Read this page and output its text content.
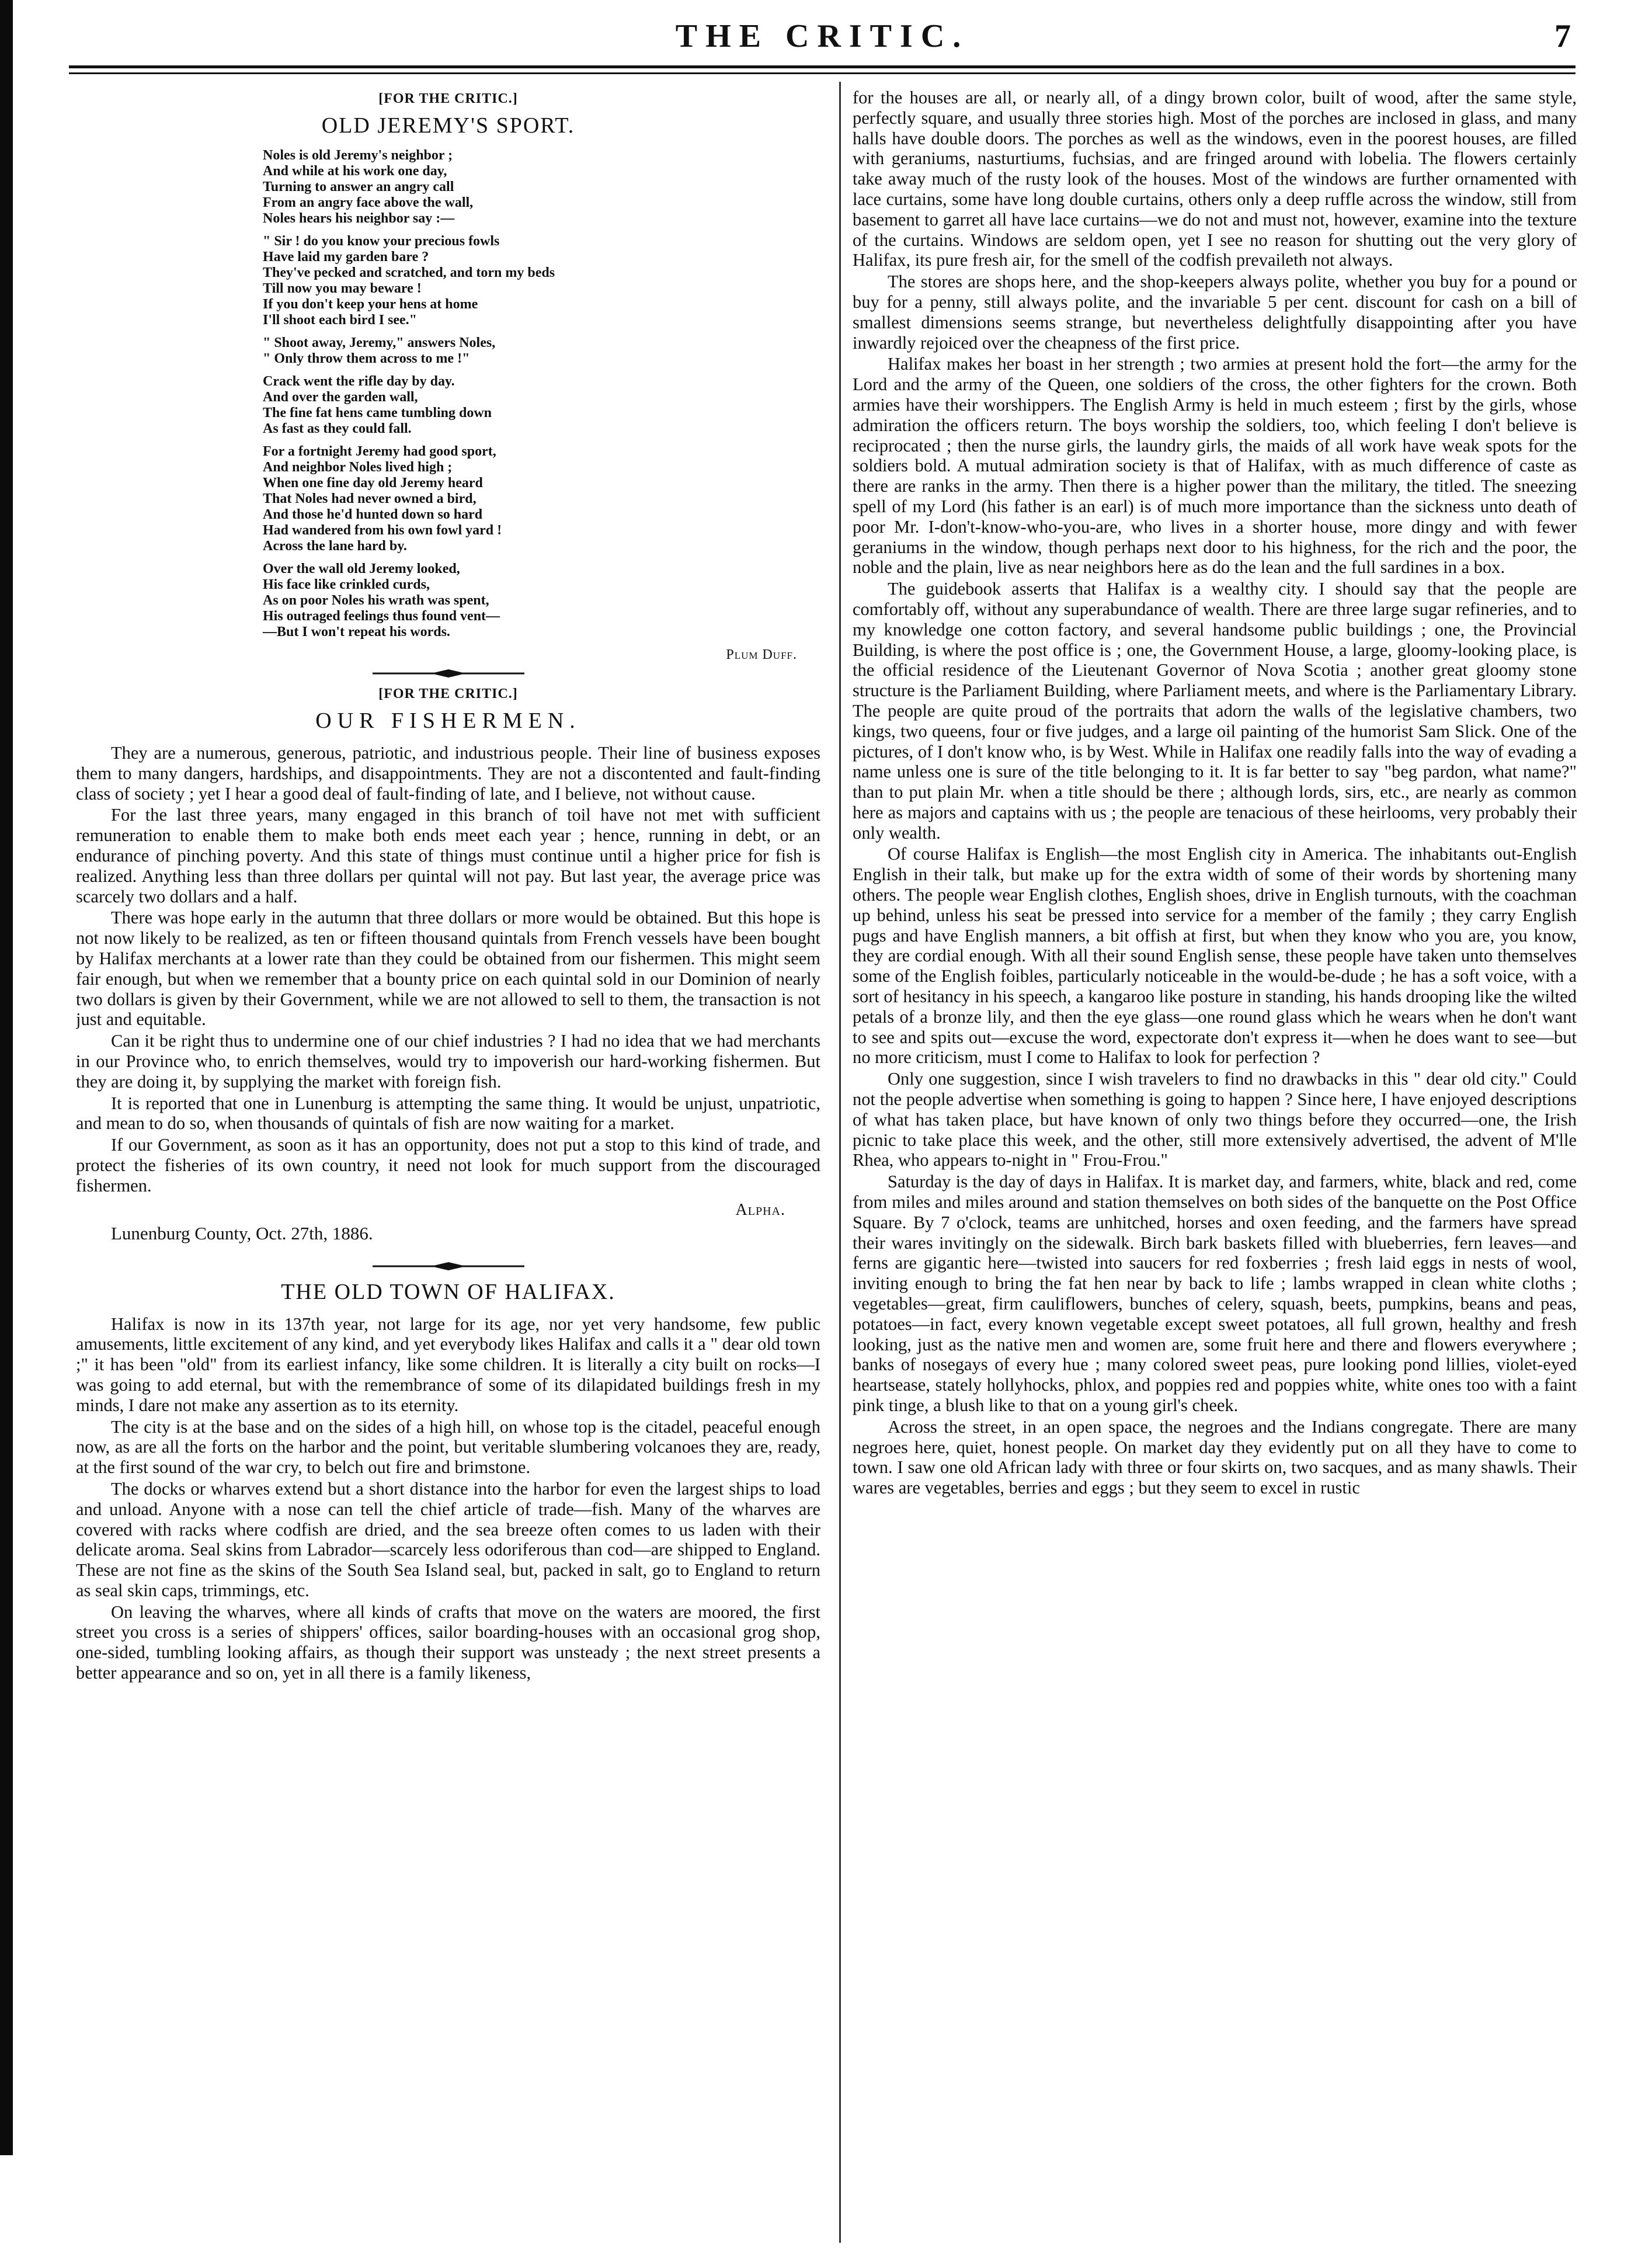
THE CRITIC.	7
[FOR THE CRITIC.]
OLD JEREMY'S SPORT.
Noles is old Jeremy's neighbor ;
And while at his work one day,
Turning to answer an angry call
From an angry face above the wall,
Noles hears his neighbor say :—
" Sir ! do you know your precious fowls
Have laid my garden bare ?
They've pecked and scratched, and torn my beds
Till now you may beware !
If you don't keep your hens at home
I'll shoot each bird I see."
" Shoot away, Jeremy," answers Noles,
" Only throw them across to me !"
Crack went the rifle day by day.
And over the garden wall,
The fine fat hens came tumbling down
As fast as they could fall.
For a fortnight Jeremy had good sport,
And neighbor Noles lived high ;
When one fine day old Jeremy heard
That Noles had never owned a bird,
And those he'd hunted down so hard
Had wandered from his own fowl yard !
Across the lane hard by.
Over the wall old Jeremy looked,
His face like crinkled curds,
As on poor Noles his wrath was spent,
His outraged feelings thus found vent—
—But I won't repeat his words.
Plum Duff.
[FOR THE CRITIC.]
OUR FISHERMEN.

They are a numerous, generous, patriotic, and industrious people. Their line of business exposes them to many dangers, hardships, and disappointments. They are not a discontented and fault-finding class of society ; yet I hear a good deal of fault-finding of late, and I believe, not without cause.

For the last three years, many engaged in this branch of toil have not met with sufficient remuneration to enable them to make both ends meet each year ; hence, running in debt, or an endurance of pinching poverty. And this state of things must continue until a higher price for fish is realized. Anything less than three dollars per quintal will not pay. But last year, the average price was scarcely two dollars and a half.

There was hope early in the autumn that three dollars or more would be obtained. But this hope is not now likely to be realized, as ten or fifteen thousand quintals from French vessels have been bought by Halifax merchants at a lower rate than they could be obtained from our fishermen. This might seem fair enough, but when we remember that a bounty price on each quintal sold in our Dominion of nearly two dollars is given by their Government, while we are not allowed to sell to them, the transaction is not just and equitable.

Can it be right thus to undermine one of our chief industries ? I had no idea that we had merchants in our Province who, to enrich themselves, would try to impoverish our hard-working fishermen. But they are doing it, by supplying the market with foreign fish.

It is reported that one in Lunenburg is attempting the same thing. It would be unjust, unpatriotic, and mean to do so, when thousands of quintals of fish are now waiting for a market.

If our Government, as soon as it has an opportunity, does not put a stop to this kind of trade, and protect the fisheries of its own country, it need not look for much support from the discouraged fishermen.

Alpha.
Lunenburg County, Oct. 27th, 1886.
THE OLD TOWN OF HALIFAX.

Halifax is now in its 137th year, not large for its age, nor yet very handsome, few public amusements, little excitement of any kind, and yet everybody likes Halifax and calls it a " dear old town ;" it has been "old" from its earliest infancy, like some children. It is literally a city built on rocks—I was going to add eternal, but with the remembrance of some of its dilapidated buildings fresh in my minds, I dare not make any assertion as to its eternity.

The city is at the base and on the sides of a high hill, on whose top is the citadel, peaceful enough now, as are all the forts on the harbor and the point, but veritable slumbering volcanoes they are, ready, at the first sound of the war cry, to belch out fire and brimstone.

The docks or wharves extend but a short distance into the harbor for even the largest ships to load and unload. Anyone with a nose can tell the chief article of trade—fish. Many of the wharves are covered with racks where codfish are dried, and the sea breeze often comes to us laden with their delicate aroma. Seal skins from Labrador—scarcely less odoriferous than cod—are shipped to England. These are not fine as the skins of the South Sea Island seal, but, packed in salt, go to England to return as seal skin caps, trimmings, etc.

On leaving the wharves, where all kinds of crafts that move on the waters are moored, the first street you cross is a series of shippers' offices, sailor boarding-houses with an occasional grog shop, one-sided, tumbling looking affairs, as though their support was unsteady ; the next street presents a better appearance and so on, yet in all there is a family likeness,

for the houses are all, or nearly all, of a dingy brown color, built of wood, after the same style, perfectly square, and usually three stories high. Most of the porches are inclosed in glass, and many halls have double doors. The porches as well as the windows, even in the poorest houses, are filled with geraniums, nasturtiums, fuchsias, and are fringed around with lobelia. The flowers certainly take away much of the rusty look of the houses. Most of the windows are further ornamented with lace curtains, some have long double curtains, others only a deep ruffle across the window, still from basement to garret all have lace curtains—we do not and must not, however, examine into the texture of the curtains. Windows are seldom open, yet I see no reason for shutting out the very glory of Halifax, its pure fresh air, for the smell of the codfish prevaileth not always.

The stores are shops here, and the shop-keepers always polite, whether you buy for a pound or buy for a penny, still always polite, and the invariable 5 per cent. discount for cash on a bill of smallest dimensions seems strange, but nevertheless delightfully disappointing after you have inwardly rejoiced over the cheapness of the first price.

Halifax makes her boast in her strength ; two armies at present hold the fort—the army for the Lord and the army of the Queen, one soldiers of the cross, the other fighters for the crown. Both armies have their worshippers. The English Army is held in much esteem ; first by the girls, whose admiration the officers return. The boys worship the soldiers, too, which feeling I don't believe is reciprocated ; then the nurse girls, the laundry girls, the maids of all work have weak spots for the soldiers bold. A mutual admiration society is that of Halifax, with as much difference of caste as there are ranks in the army. Then there is a higher power than the military, the titled. The sneezing spell of my Lord (his father is an earl) is of much more importance than the sickness unto death of poor Mr. I-don't-know-who-you-are, who lives in a shorter house, more dingy and with fewer geraniums in the window, though perhaps next door to his highness, for the rich and the poor, the noble and the plain, live as near neighbors here as do the lean and the full sardines in a box.

The guidebook asserts that Halifax is a wealthy city. I should say that the people are comfortably off, without any superabundance of wealth. There are three large sugar refineries, and to my knowledge one cotton factory, and several handsome public buildings ; one, the Provincial Building, is where the post office is ; one, the Government House, a large, gloomy-looking place, is the official residence of the Lieutenant Governor of Nova Scotia ; another great gloomy stone structure is the Parliament Building, where Parliament meets, and where is the Parliamentary Library. The people are quite proud of the portraits that adorn the walls of the legislative chambers, two kings, two queens, four or five judges, and a large oil painting of the humorist Sam Slick. One of the pictures, of I don't know who, is by West. While in Halifax one readily falls into the way of evading a name unless one is sure of the title belonging to it. It is far better to say "beg pardon, what name?" than to put plain Mr. when a title should be there ; although lords, sirs, etc., are nearly as common here as majors and captains with us ; the people are tenacious of these heirlooms, very probably their only wealth.

Of course Halifax is English—the most English city in America. The inhabitants out-English English in their talk, but make up for the extra width of some of their words by shortening many others. The people wear English clothes, English shoes, drive in English turnouts, with the coachman up behind, unless his seat be pressed into service for a member of the family ; they carry English pugs and have English manners, a bit offish at first, but when they know who you are, you know, they are cordial enough. With all their sound English sense, these people have taken unto themselves some of the English foibles, particularly noticeable in the would-be-dude ; he has a soft voice, with a sort of hesitancy in his speech, a kangaroo like posture in standing, his hands drooping like the wilted petals of a bronze lily, and then the eye glass—one round glass which he wears when he don't want to see and spits out—excuse the word, expectorate don't express it—when he does want to see—but no more criticism, must I come to Halifax to look for perfection ?

Only one suggestion, since I wish travelers to find no drawbacks in this " dear old city." Could not the people advertise when something is going to happen ? Since here, I have enjoyed descriptions of what has taken place, but have known of only two things before they occurred—one, the Irish picnic to take place this week, and the other, still more extensively advertised, the advent of M'lle Rhea, who appears to-night in " Frou-Frou."

Saturday is the day of days in Halifax. It is market day, and farmers, white, black and red, come from miles and miles around and station themselves on both sides of the banquette on the Post Office Square. By 7 o'clock, teams are unhitched, horses and oxen feeding, and the farmers have spread their wares invitingly on the sidewalk. Birch bark baskets filled with blueberries, fern leaves—and ferns are gigantic here—twisted into saucers for red foxberries ; fresh laid eggs in nests of wool, inviting enough to bring the fat hen near by back to life ; lambs wrapped in clean white cloths ; vegetables—great, firm cauliflowers, bunches of celery, squash, beets, pumpkins, beans and peas, potatoes—in fact, every known vegetable except sweet potatoes, all full grown, healthy and fresh looking, just as the native men and women are, some fruit here and there and flowers everywhere ; banks of nosegays of every hue ; many colored sweet peas, pure looking pond lillies, violet-eyed heartsease, stately hollyhocks, phlox, and poppies red and poppies white, white ones too with a faint pink tinge, a blush like to that on a young girl's cheek.

Across the street, in an open space, the negroes and the Indians congregate. There are many negroes here, quiet, honest people. On market day they evidently put on all they have to come to town. I saw one old African lady with three or four skirts on, two sacques, and as many shawls. Their wares are vegetables, berries and eggs ; but they seem to excel in rustic
